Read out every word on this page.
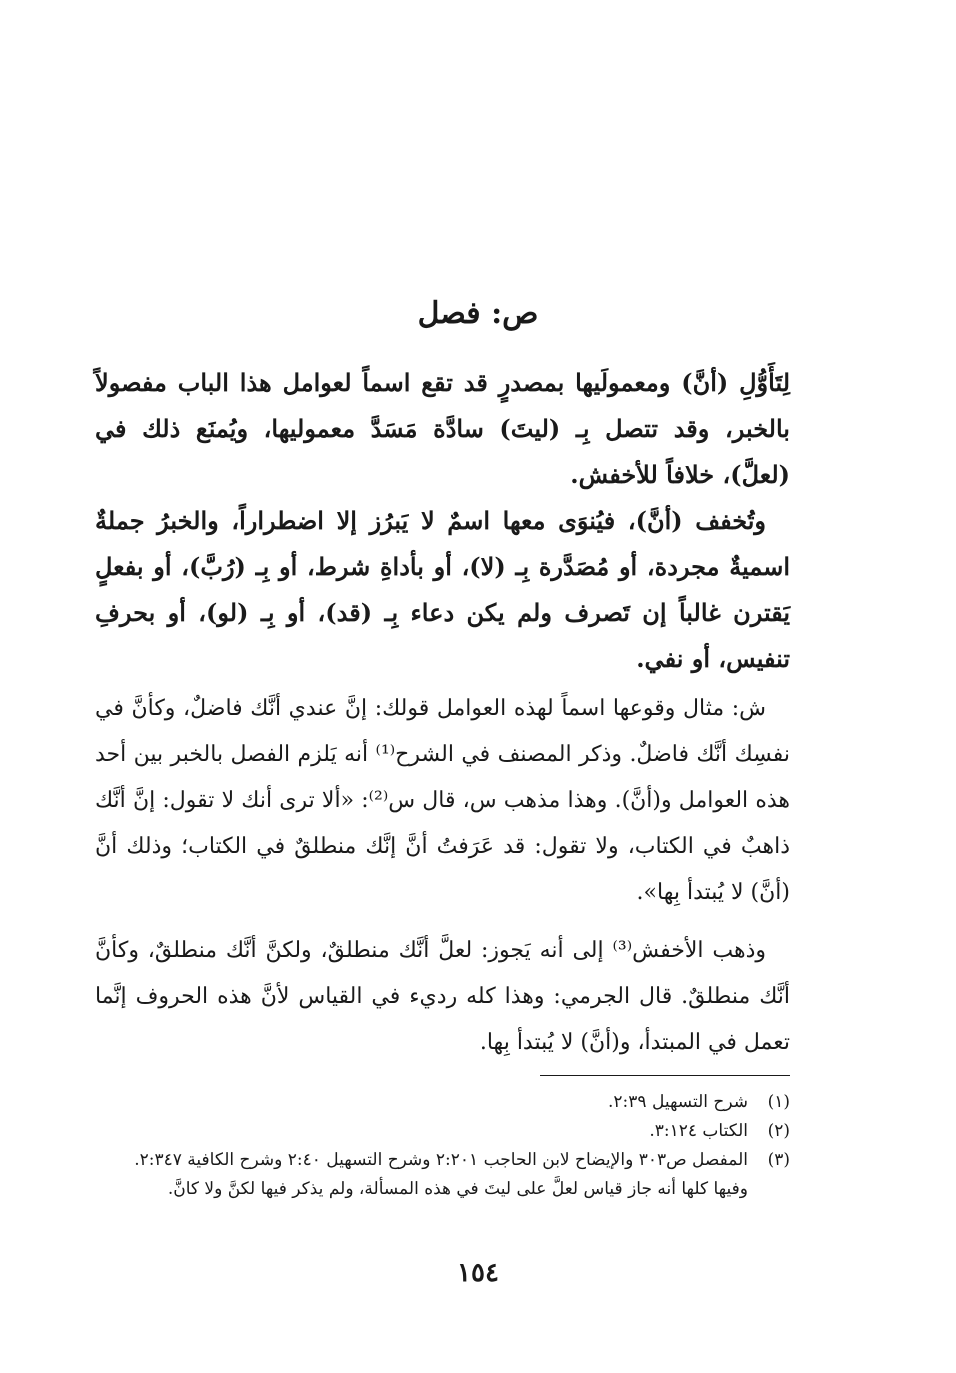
ص: فصل

لِتَأَوُّلِ (أنَّ) ومعمولَيها بمصدرٍ قد تقع اسماً لعوامل هذا الباب مفصولاً بالخبر، وقد تتصل بِـ (ليتَ) سادَّة مَسَدَّ معموليها، ويُمنَع ذلك في (لعلَّ)، خلافاً للأخفش.

وتُخفف (أنَّ)، فيُنوَى معها اسمٌ لا يَبرُز إلا اضطراراً، والخبرُ جملةٌ اسميةٌ مجردة، أو مُصَدَّرة بِـ (لا)، أو بأداةِ شرط، أو بِـ (رُبَّ)، أو بفعلٍ يَقترن غالباً إن تَصرف ولم يكن دعاء بِـ (قد)، أو بِـ (لو)، أو بحرفِ تنفيس، أو نفي.

ش: مثال وقوعها اسماً لهذه العوامل قولك: إنَّ عندي أنَّك فاضلٌ، وكأنَّ في نفسِك أنَّك فاضلٌ. وذكر المصنف في الشرح⁽¹⁾ أنه يَلزم الفصل بالخبر بين أحد هذه العوامل و(أنَّ). وهذا مذهب س، قال س⁽²⁾: «ألا ترى أنك لا تقول: إنَّ أنَّك ذاهبٌ في الكتاب، ولا تقول: قد عَرَفتُ أنَّ إنَّك منطلقٌ في الكتاب؛ وذلك أنَّ (أنَّ) لا يُبتدأ بِها».

وذهب الأخفش⁽³⁾ إلى أنه يَجوز: لعلَّ أنَّك منطلقٌ، ولكنَّ أنَّك منطلقٌ، وكأنَّ أنَّك منطلقٌ. قال الجرمي: وهذا كله رديء في القياس لأنَّ هذه الحروف إنَّما تعمل في المبتدأ، و(أنَّ) لا يُبتدأ بِها.

(١)
شرح التسهيل ٢:٣٩.
(٢)
الكتاب ٣:١٢٤.
(٣)
المفصل ص٣٠٣ والإيضاح لابن الحاجب ٢:٢٠١ وشرح التسهيل ٢:٤٠ وشرح الكافية ٢:٣٤٧. وفيها كلها أنه جاز قياس لعلَّ على ليتَ في هذه المسألة، ولم يذكر فيها لكنَّ ولا كانَّ.
١٥٤
